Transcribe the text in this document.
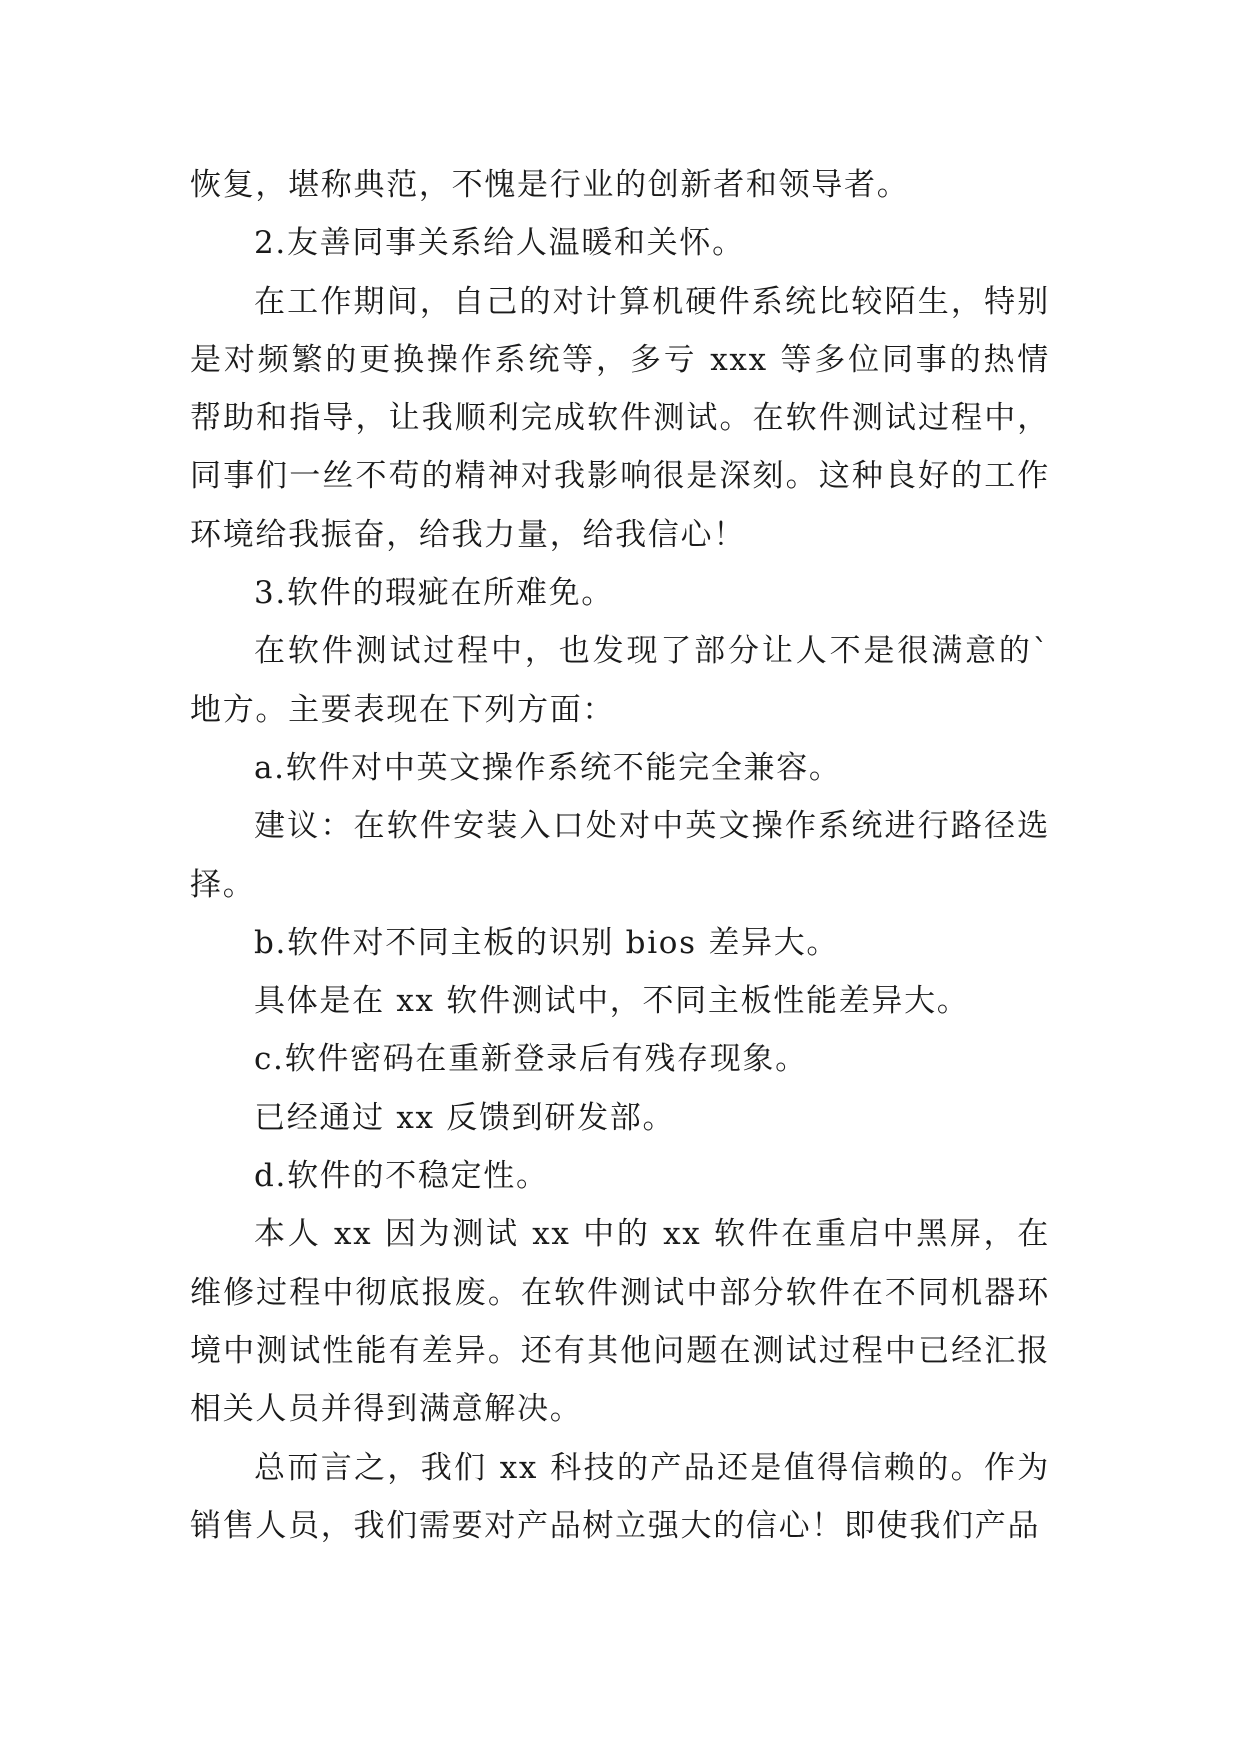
恢复，堪称典范，不愧是行业的创新者和领导者。

2.友善同事关系给人温暖和关怀。

在工作期间，自己的对计算机硬件系统比较陌生，特别是对频繁的更换操作系统等，多亏 xxx 等多位同事的热情帮助和指导，让我顺利完成软件测试。在软件测试过程中，同事们一丝不苟的精神对我影响很是深刻。这种良好的工作环境给我振奋，给我力量，给我信心！

3.软件的瑕疵在所难免。

在软件测试过程中，也发现了部分让人不是很满意的`地方。主要表现在下列方面：

a.软件对中英文操作系统不能完全兼容。

建议：在软件安装入口处对中英文操作系统进行路径选择。

b.软件对不同主板的识别 bios 差异大。

具体是在 xx 软件测试中，不同主板性能差异大。

c.软件密码在重新登录后有残存现象。

已经通过 xx 反馈到研发部。

d.软件的不稳定性。

本人 xx 因为测试 xx 中的 xx 软件在重启中黑屏，在维修过程中彻底报废。在软件测试中部分软件在不同机器环境中测试性能有差异。还有其他问题在测试过程中已经汇报相关人员并得到满意解决。

总而言之，我们 xx 科技的产品还是值得信赖的。作为销售人员，我们需要对产品树立强大的信心！即使我们产品
